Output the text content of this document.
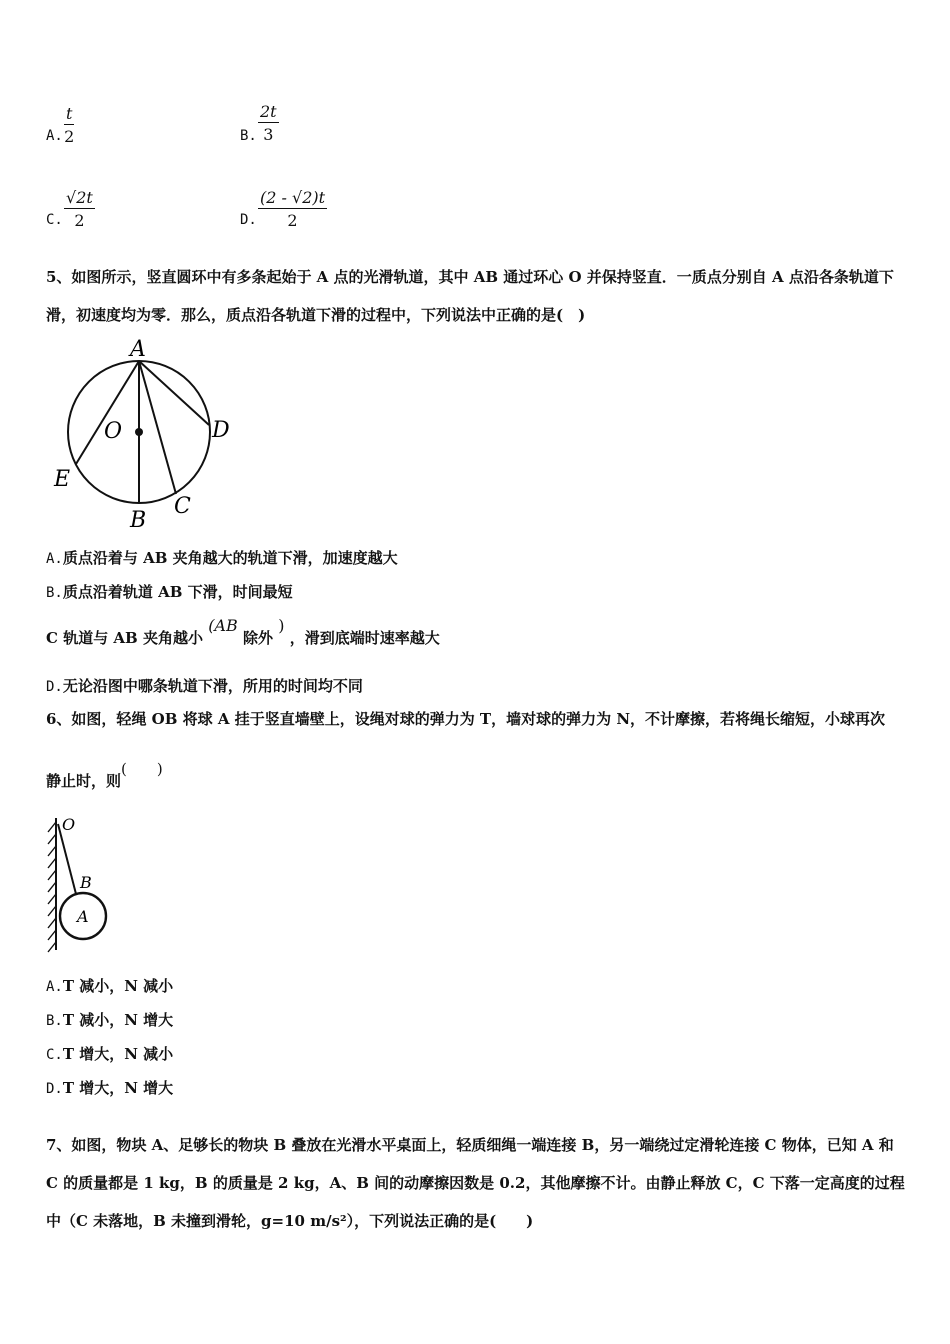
A.
t
2	B.
2t
3
C.
√2t
2	D.
(2 - √2)t
2
5、如图所示，竖直圆环中有多条起始于 A 点的光滑轨道，其中 AB 通过环心 O 并保持竖直．一质点分别自 A 点沿各条轨道下滑，初速度均为零．那么，质点沿各轨道下滑的过程中，下列说法中正确的是(　)
A
O	D
E
C
B
A.质点沿着与 AB 夹角越大的轨道下滑，加速度越大
B.质点沿着轨道 AB 下滑，时间最短
C 轨道与 AB 夹角越小 (AB 除外 ) ，滑到底端时速率越大
D.无论沿图中哪条轨道下滑，所用的时间均不同
6、如图，轻绳 OB 将球 A 挂于竖直墙壁上，设绳对球的弹力为 T，墙对球的弹力为 N，不计摩擦，若将绳长缩短，小球再次
静止时，则(　　)
O
B
A
A.T 减小，N 减小
B.T 减小，N 增大
C.T 增大，N 减小
D.T 增大，N 增大
7、如图，物块 A、足够长的物块 B 叠放在光滑水平桌面上，轻质细绳一端连接 B，另一端绕过定滑轮连接 C 物体，已知 A 和 C 的质量都是 1 kg，B 的质量是 2 kg，A、B 间的动摩擦因数是 0.2，其他摩擦不计。由静止释放 C，C 下落一定高度的过程中（C 未落地，B 未撞到滑轮，g=10 m/s²），下列说法正确的是(　　)
